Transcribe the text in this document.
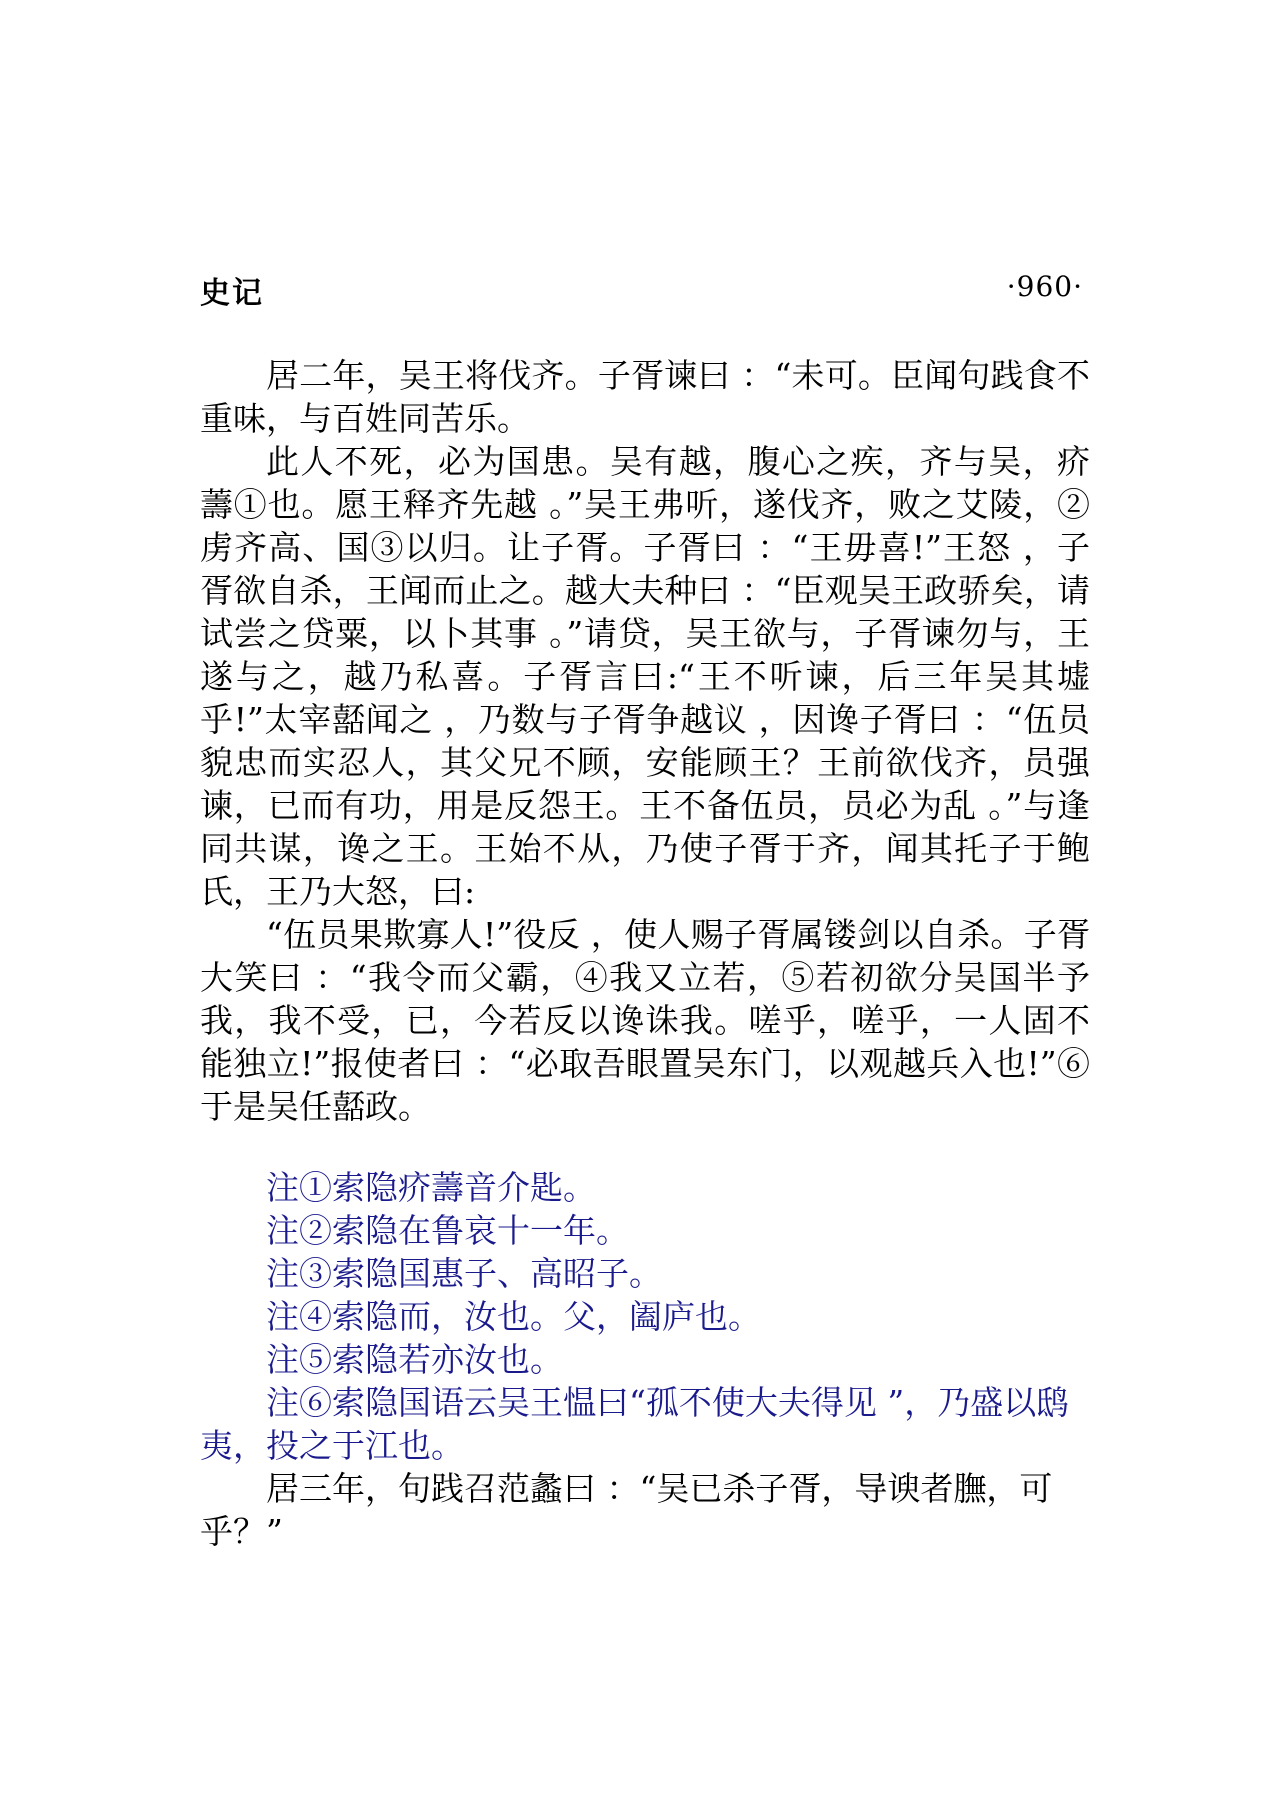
史记	·960·

居二年，吴王将伐齐。子胥谏曰 ：“未可。臣闻句践食不重味，与百姓同苦乐。

此人不死，必为国患。吴有越，腹心之疾，齐与吴，疥薵①也。愿王释齐先越 。”吴王弗听，遂伐齐，败之艾陵，②虏齐高、国③以归。让子胥。子胥曰 ：“王毋喜!”王怒 ，子胥欲自杀，王闻而止之。越大夫种曰 ：“臣观吴王政骄矣，请试尝之贷粟，以卜其事 。”请贷，吴王欲与，子胥谏勿与，王遂与之，越乃私喜。子胥言曰:“王不听谏，后三年吴其墟乎!”太宰嚭闻之 ，乃数与子胥争越议 ，因谗子胥曰 ：“伍员貌忠而实忍人，其父兄不顾，安能顾王？王前欲伐齐，员强谏，已而有功，用是反怨王。王不备伍员，员必为乱 。”与逢同共谋，谗之王。王始不从，乃使子胥于齐，闻其托子于鲍氏，王乃大怒，曰:

“伍员果欺寡人!”役反 ，使人赐子胥属镂剑以自杀。子胥大笑曰 ：“我令而父霸，④我又立若，⑤若初欲分吴国半予我，我不受，已，今若反以谗诛我。嗟乎，嗟乎，一人固不能独立!”报使者曰 ：“必取吾眼置吴东门，以观越兵入也!”⑥于是吴任嚭政。

注①索隐疥薵音介匙。

注②索隐在鲁哀十一年。

注③索隐国惠子、高昭子。

注④索隐而，汝也。父，阖庐也。

注⑤索隐若亦汝也。

注⑥索隐国语云吴王愠曰“孤不使大夫得见 ”，乃盛以鸱夷，投之于江也。

居三年，句践召范蠡曰 ：“吴已杀子胥，导谀者膴，可乎？”
